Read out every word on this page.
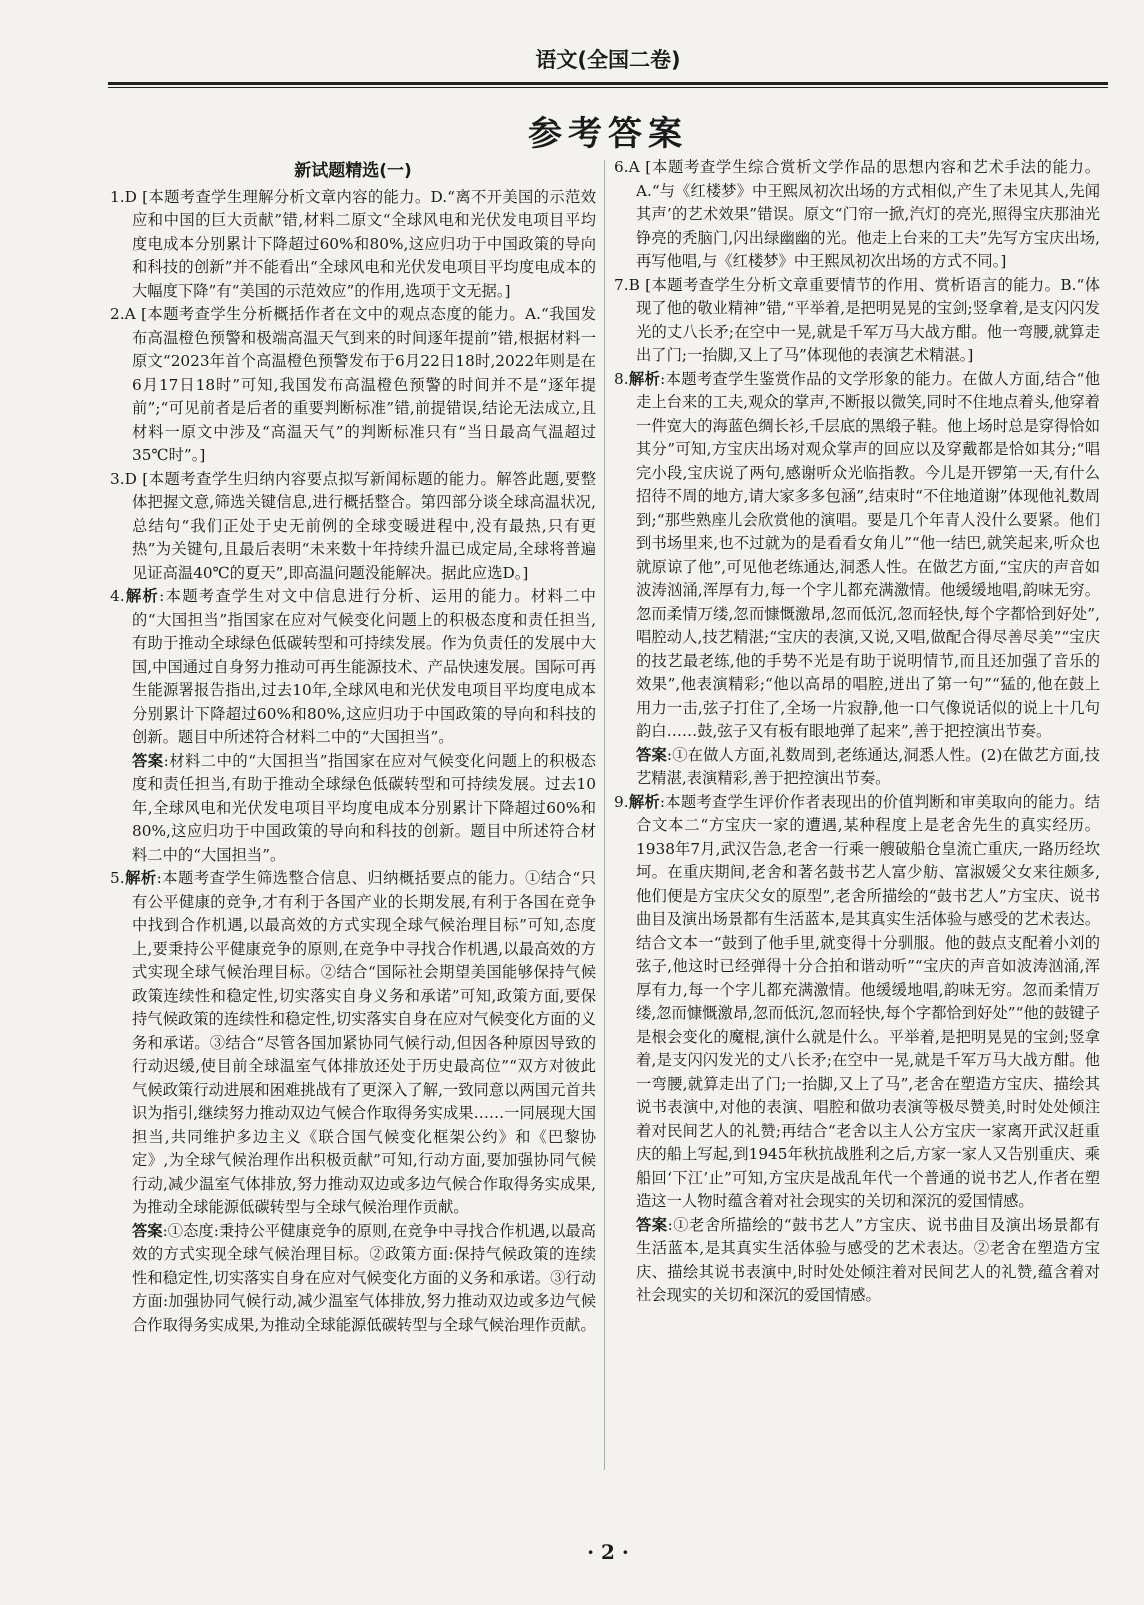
语文(全国二卷)
参考答案
新试题精选(一)

1.D [本题考查学生理解分析文章内容的能力。D.“离不开美国的示范效应和中国的巨大贡献”错,材料二原文“全球风电和光伏发电项目平均度电成本分别累计下降超过60%和80%,这应归功于中国政策的导向和科技的创新”并不能看出“全球风电和光伏发电项目平均度电成本的大幅度下降”有“美国的示范效应”的作用,选项于文无据。]

2.A [本题考查学生分析概括作者在文中的观点态度的能力。A.“我国发布高温橙色预警和极端高温天气到来的时间逐年提前”错,根据材料一原文“2023年首个高温橙色预警发布于6月22日18时,2022年则是在6月17日18时”可知,我国发布高温橙色预警的时间并不是“逐年提前”;“可见前者是后者的重要判断标准”错,前提错误,结论无法成立,且材料一原文中涉及“高温天气”的判断标准只有“当日最高气温超过35℃时”。]

3.D [本题考查学生归纳内容要点拟写新闻标题的能力。解答此题,要整体把握文意,筛选关键信息,进行概括整合。第四部分谈全球高温状况,总结句“我们正处于史无前例的全球变暖进程中,没有最热,只有更热”为关键句,且最后表明“未来数十年持续升温已成定局,全球将普遍见证高温40℃的夏天”,即高温问题没能解决。据此应选D。]

4.解析:本题考查学生对文中信息进行分析、运用的能力。材料二中的“大国担当”指国家在应对气候变化问题上的积极态度和责任担当,有助于推动全球绿色低碳转型和可持续发展。作为负责任的发展中大国,中国通过自身努力推动可再生能源技术、产品快速发展。国际可再生能源署报告指出,过去10年,全球风电和光伏发电项目平均度电成本分别累计下降超过60%和80%,这应归功于中国政策的导向和科技的创新。题目中所述符合材料二中的“大国担当”。

答案:材料二中的“大国担当”指国家在应对气候变化问题上的积极态度和责任担当,有助于推动全球绿色低碳转型和可持续发展。过去10年,全球风电和光伏发电项目平均度电成本分别累计下降超过60%和80%,这应归功于中国政策的导向和科技的创新。题目中所述符合材料二中的“大国担当”。

5.解析:本题考查学生筛选整合信息、归纳概括要点的能力。①结合“只有公平健康的竞争,才有利于各国产业的长期发展,有利于各国在竞争中找到合作机遇,以最高效的方式实现全球气候治理目标”可知,态度上,要秉持公平健康竞争的原则,在竞争中寻找合作机遇,以最高效的方式实现全球气候治理目标。②结合“国际社会期望美国能够保持气候政策连续性和稳定性,切实落实自身义务和承诺”可知,政策方面,要保持气候政策的连续性和稳定性,切实落实自身在应对气候变化方面的义务和承诺。③结合“尽管各国加紧协同气候行动,但因各种原因导致的行动迟缓,使目前全球温室气体排放还处于历史最高位”“双方对彼此气候政策行动进展和困难挑战有了更深入了解,一致同意以两国元首共识为指引,继续努力推动双边气候合作取得务实成果……一同展现大国担当,共同维护多边主义《联合国气候变化框架公约》和《巴黎协定》,为全球气候治理作出积极贡献”可知,行动方面,要加强协同气候行动,减少温室气体排放,努力推动双边或多边气候合作取得务实成果,为推动全球能源低碳转型与全球气候治理作贡献。

答案:①态度:秉持公平健康竞争的原则,在竞争中寻找合作机遇,以最高效的方式实现全球气候治理目标。②政策方面:保持气候政策的连续性和稳定性,切实落实自身在应对气候变化方面的义务和承诺。③行动方面:加强协同气候行动,减少温室气体排放,努力推动双边或多边气候合作取得务实成果,为推动全球能源低碳转型与全球气候治理作贡献。

6.A [本题考查学生综合赏析文学作品的思想内容和艺术手法的能力。A.“与《红楼梦》中王熙凤初次出场的方式相似,产生了未见其人,先闻其声’的艺术效果”错误。原文“门帘一掀,汽灯的亮光,照得宝庆那油光铮亮的秃脑门,闪出绿幽幽的光。他走上台来的工夫”先写方宝庆出场,再写他唱,与《红楼梦》中王熙凤初次出场的方式不同。]

7.B [本题考查学生分析文章重要情节的作用、赏析语言的能力。B.“体现了他的敬业精神”错,“平举着,是把明晃晃的宝剑;竖拿着,是支闪闪发光的丈八长矛;在空中一晃,就是千军万马大战方酣。他一弯腰,就算走出了门;一抬脚,又上了马”体现他的表演艺术精湛。]

8.解析:本题考查学生鉴赏作品的文学形象的能力。在做人方面,结合“他走上台来的工夫,观众的掌声,不断报以微笑,同时不住地点着头,他穿着一件宽大的海蓝色绸长衫,千层底的黑缎子鞋。他上场时总是穿得恰如其分”可知,方宝庆出场对观众掌声的回应以及穿戴都是恰如其分;“唱完小段,宝庆说了两句,感谢听众光临指教。今儿是开锣第一天,有什么招待不周的地方,请大家多多包涵”,结束时“不住地道谢”体现他礼数周到;“那些熟座儿会欣赏他的演唱。要是几个年青人没什么要紧。他们到书场里来,也不过就为的是看看女角儿”“他一结巴,就笑起来,听众也就原谅了他”,可见他老练通达,洞悉人性。在做艺方面,“宝庆的声音如波涛汹涌,浑厚有力,每一个字儿都充满激情。他缓缓地唱,韵味无穷。忽而柔情万缕,忽而慷慨激昂,忽而低沉,忽而轻快,每个字都恰到好处”,唱腔动人,技艺精湛;“宝庆的表演,又说,又唱,做配合得尽善尽美”“宝庆的技艺最老练,他的手势不光是有助于说明情节,而且还加强了音乐的效果”,他表演精彩;“他以高昂的唱腔,迸出了第一句”“猛的,他在鼓上用力一击,弦子打住了,全场一片寂静,他一口气像说话似的说上十几句韵白……鼓,弦子又有板有眼地弹了起来”,善于把控演出节奏。

答案:①在做人方面,礼数周到,老练通达,洞悉人性。(2)在做艺方面,技艺精湛,表演精彩,善于把控演出节奏。

9.解析:本题考查学生评价作者表现出的价值判断和审美取向的能力。结合文本二“方宝庆一家的遭遇,某种程度上是老舍先生的真实经历。1938年7月,武汉告急,老舍一行乘一艘破船仓皇流亡重庆,一路历经坎坷。在重庆期间,老舍和著名鼓书艺人富少舫、富淑媛父女来往颇多,他们便是方宝庆父女的原型”,老舍所描绘的“鼓书艺人”方宝庆、说书曲目及演出场景都有生活蓝本,是其真实生活体验与感受的艺术表达。结合文本一“鼓到了他手里,就变得十分驯服。他的鼓点支配着小刘的弦子,他这时已经弹得十分合拍和谐动听”“宝庆的声音如波涛汹涌,浑厚有力,每一个字儿都充满激情。他缓缓地唱,韵味无穷。忽而柔情万缕,忽而慷慨激昂,忽而低沉,忽而轻快,每个字都恰到好处”“他的鼓键子是根会变化的魔棍,演什么就是什么。平举着,是把明晃晃的宝剑;竖拿着,是支闪闪发光的丈八长矛;在空中一晃,就是千军万马大战方酣。他一弯腰,就算走出了门;一抬脚,又上了马”,老舍在塑造方宝庆、描绘其说书表演中,对他的表演、唱腔和做功表演等极尽赞美,时时处处倾注着对民间艺人的礼赞;再结合“老舍以主人公方宝庆一家离开武汉赶重庆的船上写起,到1945年秋抗战胜利之后,方家一家人又告别重庆、乘船回‘下江’止”可知,方宝庆是战乱年代一个普通的说书艺人,作者在塑造这一人物时蕴含着对社会现实的关切和深沉的爱国情感。

答案:①老舍所描绘的“鼓书艺人”方宝庆、说书曲目及演出场景都有生活蓝本,是其真实生活体验与感受的艺术表达。②老舍在塑造方宝庆、描绘其说书表演中,时时处处倾注着对民间艺人的礼赞,蕴含着对社会现实的关切和深沉的爱国情感。

· 2 ·
